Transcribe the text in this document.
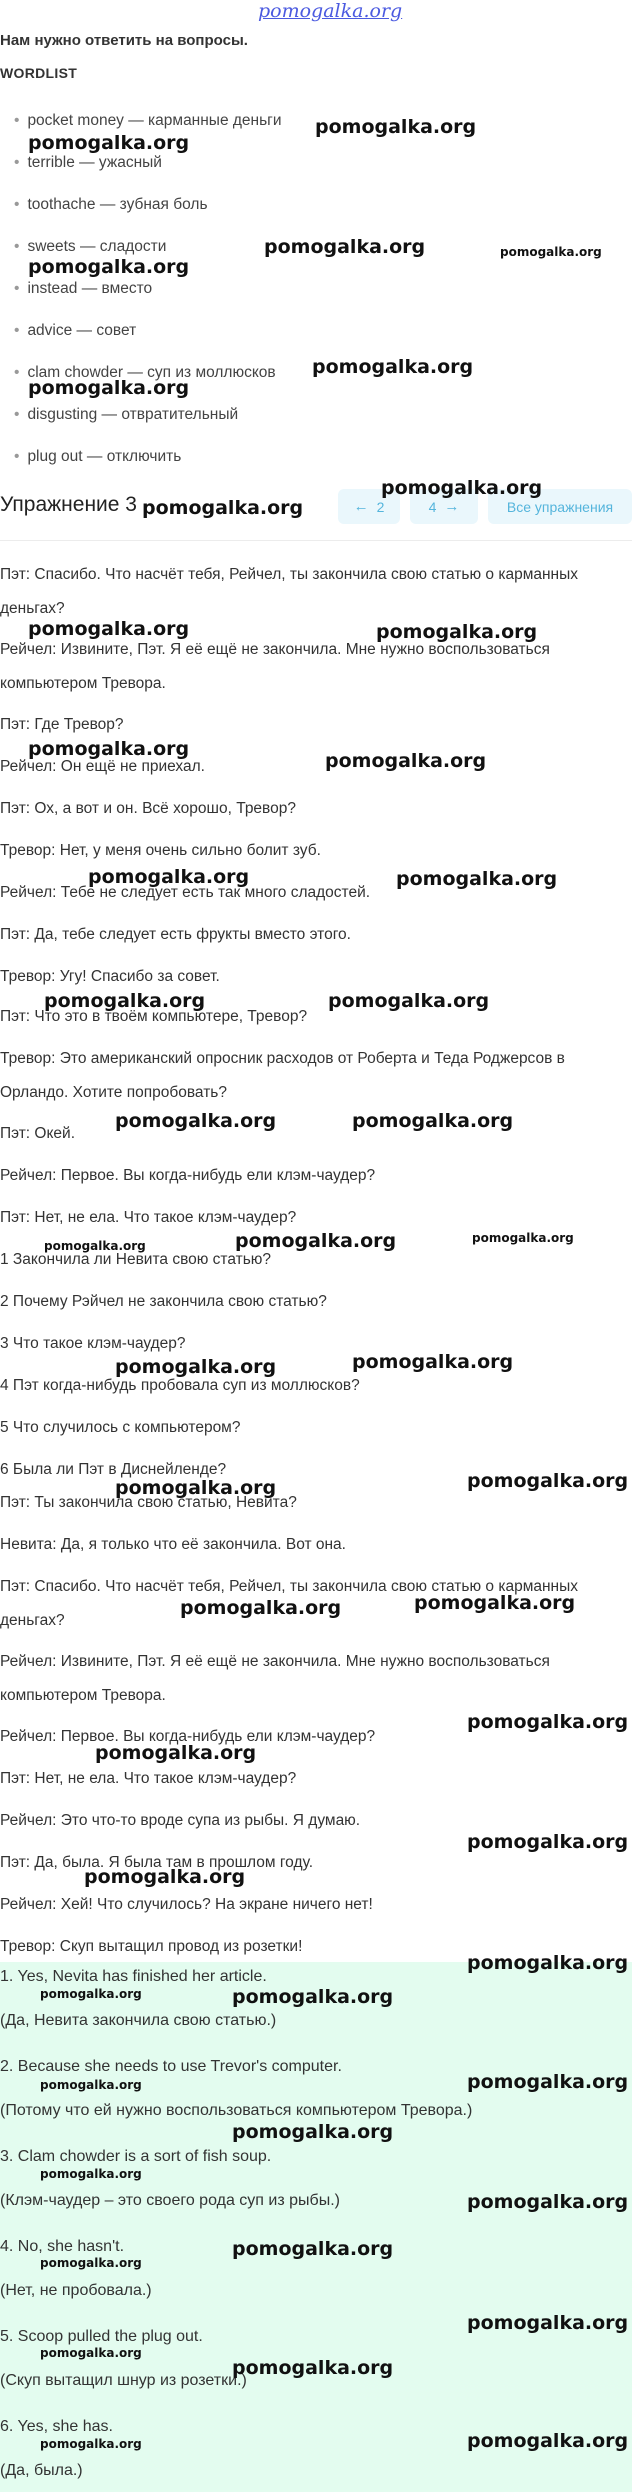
pomogalka.org
Нам нужно ответить на вопросы.
WORDLIST
• pocket money — карманные деньги
• terrible — ужасный
• toothache — зубная боль
• sweets — сладости
• instead — вместо
• advice — совет
• clam chowder — суп из моллюсков
• disgusting — отвратительный
• plug out — отключить
Упражнение 3	← 2	4 →	Все упражнения
Пэт: Спасибо. Что насчёт тебя, Рейчел, ты закончила свою статью о карманных деньгах?
Рейчел: Извините, Пэт. Я её ещё не закончила. Мне нужно воспользоваться компьютером Тревора.
Пэт: Где Тревор?
Рейчел: Он ещё не приехал.
Пэт: Ох, а вот и он. Всё хорошо, Тревор?
Тревор: Нет, у меня очень сильно болит зуб.
Рейчел: Тебе не следует есть так много сладостей.
Пэт: Да, тебе следует есть фрукты вместо этого.
Тревор: Угу! Спасибо за совет.
Пэт: Что это в твоём компьютере, Тревор?
Тревор: Это американский опросник расходов от Роберта и Теда Роджерсов в Орландо. Хотите попробовать?
Пэт: Окей.
Рейчел: Первое. Вы когда-нибудь ели клэм-чаудер?
Пэт: Нет, не ела. Что такое клэм-чаудер?
1 Закончила ли Невита свою статью?
2 Почему Рэйчел не закончила свою статью?
3 Что такое клэм-чаудер?
4 Пэт когда-нибудь пробовала суп из моллюсков?
5 Что случилось с компьютером?
6 Была ли Пэт в Диснейленде?
Пэт: Ты закончила свою статью, Невита?
Невита: Да, я только что её закончила. Вот она.
Пэт: Спасибо. Что насчёт тебя, Рейчел, ты закончила свою статью о карманных деньгах?
Рейчел: Извините, Пэт. Я её ещё не закончила. Мне нужно воспользоваться компьютером Тревора.
Рейчел: Первое. Вы когда-нибудь ели клэм-чаудер?
Пэт: Нет, не ела. Что такое клэм-чаудер?
Рейчел: Это что-то вроде супа из рыбы. Я думаю.
Пэт: Да, была. Я была там в прошлом году.
Рейчел: Хей! Что случилось? На экране ничего нет!
Тревор: Скуп вытащил провод из розетки!
1. Yes, Nevita has finished her article.
(Да, Невита закончила свою статью.)
2. Because she needs to use Trevor's computer.
(Потому что ей нужно воспользоваться компьютером Тревора.)
3. Clam chowder is a sort of fish soup.
(Клэм-чаудер – это своего рода суп из рыбы.)
4. No, she hasn't.
(Нет, не пробовала.)
5. Scoop pulled the plug out.
(Скуп вытащил шнур из розетки.)
6. Yes, she has.
(Да, была.)
pomogalka.org
pomogalka.org
pomogalka.org	pomogalka.org
pomogalka.org
pomogalka.org
pomogalka.org
pomogalka.org
pomogalka.org
pomogalka.org	pomogalka.org
pomogalka.org
pomogalka.org
pomogalka.org	pomogalka.org
pomogalka.org	pomogalka.org
pomogalka.org	pomogalka.org
pomogalka.org	pomogalka.org	pomogalka.org
pomogalka.org	pomogalka.org
pomogalka.org
pomogalka.org
pomogalka.org
pomogalka.org
pomogalka.org
pomogalka.org
pomogalka.org
pomogalka.org
pomogalka.org
pomogalka.org
pomogalka.org
pomogalka.org
pomogalka.org
pomogalka.org
pomogalka.org
pomogalka.org
pomogalka.org
pomogalka.org
pomogalka.org
pomogalka.org
pomogalka.org
pomogalka.org
pomogalka.org
